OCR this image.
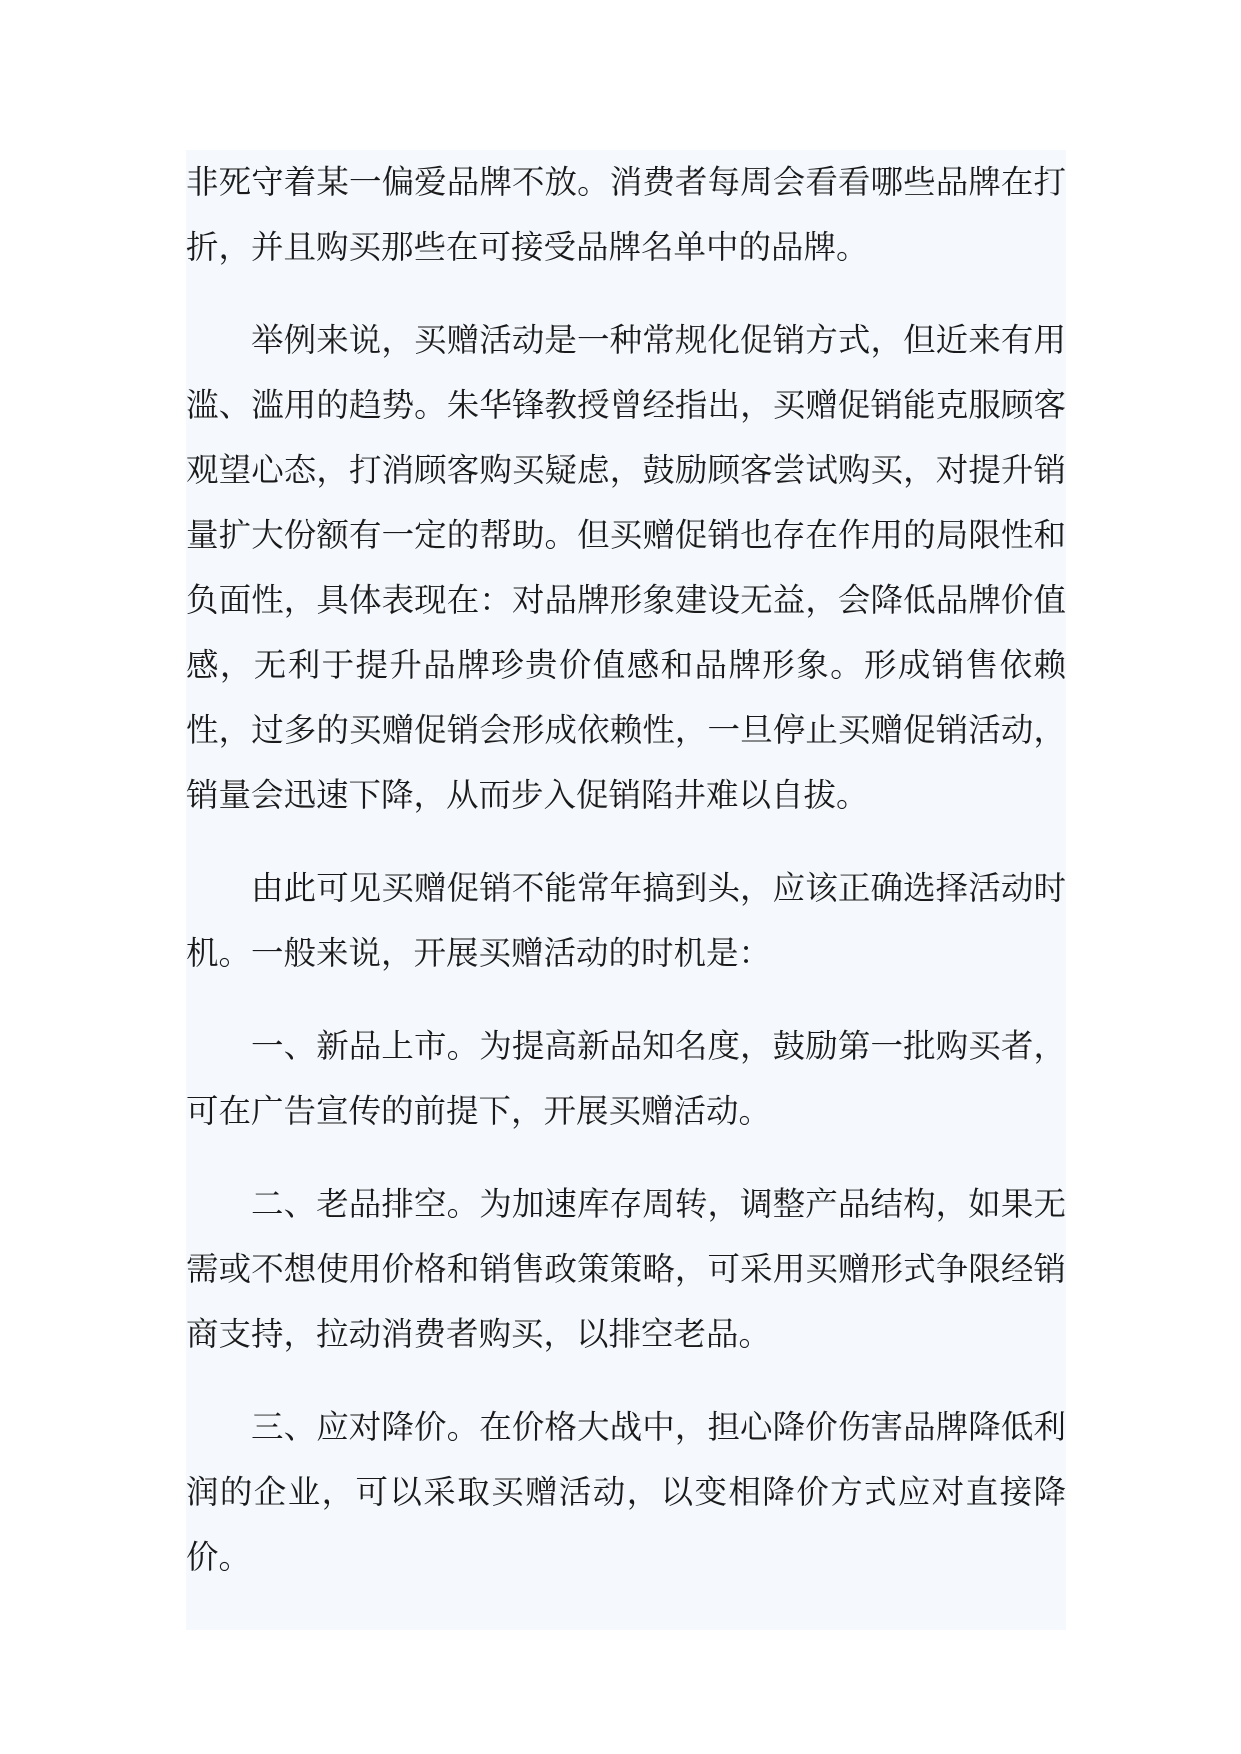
非死守着某一偏爱品牌不放。消费者每周会看看哪些品牌在打折，并且购买那些在可接受品牌名单中的品牌。

举例来说，买赠活动是一种常规化促销方式，但近来有用滥、滥用的趋势。朱华锋教授曾经指出，买赠促销能克服顾客观望心态，打消顾客购买疑虑，鼓励顾客尝试购买，对提升销量扩大份额有一定的帮助。但买赠促销也存在作用的局限性和负面性，具体表现在：对品牌形象建设无益，会降低品牌价值感，无利于提升品牌珍贵价值感和品牌形象。形成销售依赖性，过多的买赠促销会形成依赖性，一旦停止买赠促销活动，销量会迅速下降，从而步入促销陷井难以自拔。

由此可见买赠促销不能常年搞到头，应该正确选择活动时机。一般来说，开展买赠活动的时机是：

一、新品上市。为提高新品知名度，鼓励第一批购买者，可在广告宣传的前提下，开展买赠活动。

二、老品排空。为加速库存周转，调整产品结构，如果无需或不想使用价格和销售政策策略，可采用买赠形式争限经销商支持，拉动消费者购买，以排空老品。

三、应对降价。在价格大战中，担心降价伤害品牌降低利润的企业，可以采取买赠活动，以变相降价方式应对直接降价。
